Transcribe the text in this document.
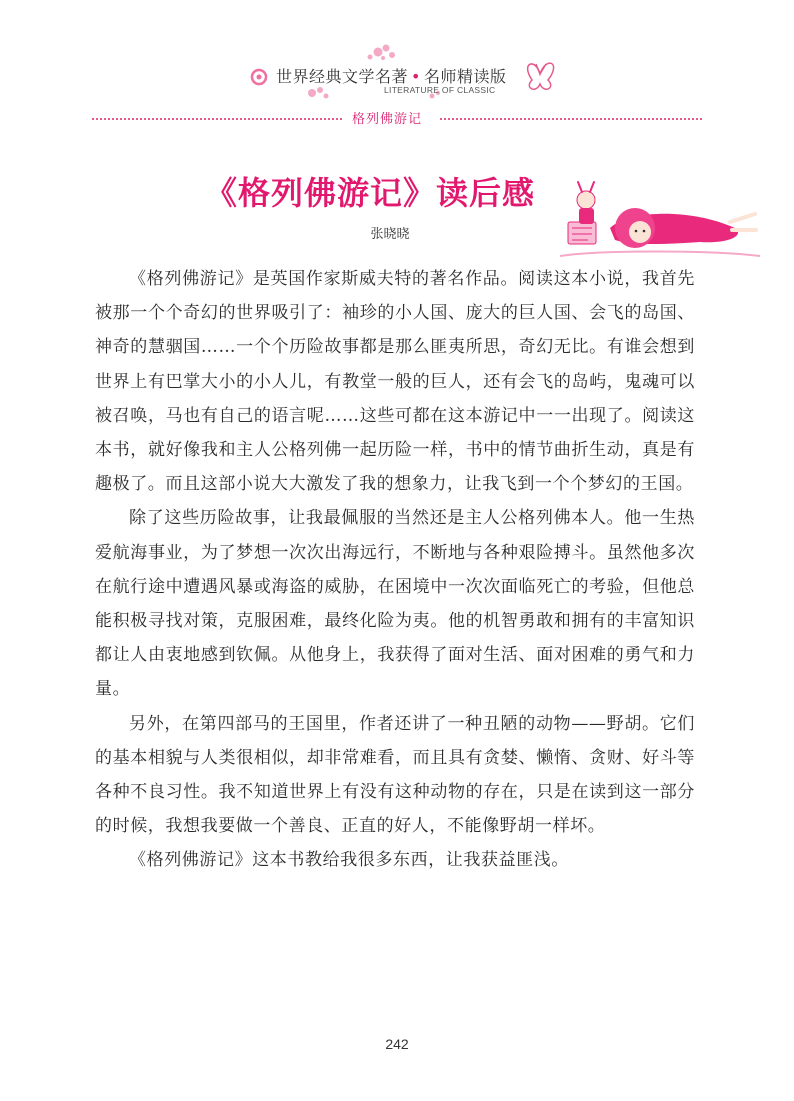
世界经典文学名著 • 名师精读版
LITERATURE OF CLASSIC
格列佛游记
《格列佛游记》读后感
张晓晓

《格列佛游记》是英国作家斯威夫特的著名作品。阅读这本小说，我首先被那一个个奇幻的世界吸引了：袖珍的小人国、庞大的巨人国、会飞的岛国、神奇的慧骃国……一个个历险故事都是那么匪夷所思，奇幻无比。有谁会想到世界上有巴掌大小的小人儿，有教堂一般的巨人，还有会飞的岛屿，鬼魂可以被召唤，马也有自己的语言呢……这些可都在这本游记中一一出现了。阅读这本书，就好像我和主人公格列佛一起历险一样，书中的情节曲折生动，真是有趣极了。而且这部小说大大激发了我的想象力，让我飞到一个个梦幻的王国。

除了这些历险故事，让我最佩服的当然还是主人公格列佛本人。他一生热爱航海事业，为了梦想一次次出海远行，不断地与各种艰险搏斗。虽然他多次在航行途中遭遇风暴或海盗的威胁，在困境中一次次面临死亡的考验，但他总能积极寻找对策，克服困难，最终化险为夷。他的机智勇敢和拥有的丰富知识都让人由衷地感到钦佩。从他身上，我获得了面对生活、面对困难的勇气和力量。

另外，在第四部马的王国里，作者还讲了一种丑陋的动物——野胡。它们的基本相貌与人类很相似，却非常难看，而且具有贪婪、懒惰、贪财、好斗等各种不良习性。我不知道世界上有没有这种动物的存在，只是在读到这一部分的时候，我想我要做一个善良、正直的好人，不能像野胡一样坏。

《格列佛游记》这本书教给我很多东西，让我获益匪浅。

242
